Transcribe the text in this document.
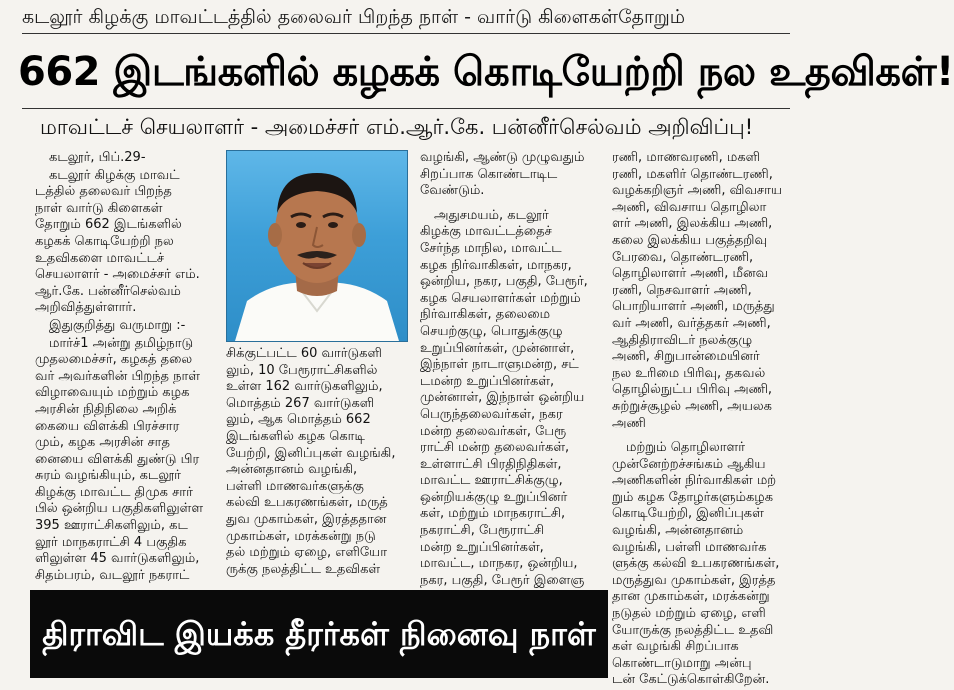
கடலூர் கிழக்கு மாவட்டத்தில் தலைவர் பிறந்த நாள் - வார்டு கிளைகள்தோறும்
662 இடங்களில் கழகக் கொடியேற்றி நல உதவிகள்!
மாவட்டச் செயலாளர் - அமைச்சர் எம்.ஆர்.கே. பன்னீர்செல்வம் அறிவிப்பு!

கடலூர், பிப்.29-

கடலூர் கிழக்கு மாவட்
டத்தில் தலைவர் பிறந்த
நாள் வார்டு கிளைகள்
தோறும் 662 இடங்களில்
கழகக் கொடியேற்றி நல
உதவிகளை மாவட்டச்
செயலாளர் - அமைச்சர் எம்.
ஆர்.கே. பன்னீர்செல்வம்
அறிவித்துள்ளார்.

இதுகுறித்து வருமாறு :-

மார்ச்1 அன்று தமிழ்நாடு
முதலமைச்சர், கழகத் தலை
வர் அவர்களின் பிறந்த நாள்
விழாவையும் மற்றும் கழக
அரசின் நிதிநிலை அறிக்
கையை விளக்கி பிரச்சார
மும், கழக அரசின் சாத
னையை விளக்கி துண்டு பிர
சுரம் வழங்கியும், கடலூர்
கிழக்கு மாவட்ட திமுக சார்
பில் ஒன்றிய பகுதிகளிலுள்ள
395 ஊராட்சிகளிலும், கட
லூர் மாநகராட்சி 4 பகுதிக
ளிலுள்ள 45 வார்டுகளிலும்,
சிதம்பரம், வடலூர் நகராட்

சிக்குட்பட்ட 60 வார்டுகளி
லும், 10 பேரூராட்சிகளில்
உள்ள 162 வார்டுகளிலும்,
மொத்தம் 267 வார்டுகளி
லும், ஆக மொத்தம் 662
இடங்களில் கழக கொடி
யேற்றி, இனிப்புகள் வழங்கி,
அன்னதானம் வழங்கி,
பள்ளி மாணவர்களுக்கு
கல்வி உபகரணங்கள், மருத்
துவ முகாம்கள், இரத்ததான
முகாம்கள், மரக்கன்று நடு
தல் மற்றும் ஏழை, எளியோ
ருக்கு நலத்திட்ட உதவிகள்

வழங்கி, ஆண்டு முழுவதும்
சிறப்பாக கொண்டாடிட
வேண்டும்.

அதுசமயம், கடலூர்
கிழக்கு மாவட்டத்தைச்
சேர்ந்த மாநில, மாவட்ட
கழக நிர்வாகிகள், மாநகர,
ஒன்றிய, நகர, பகுதி, பேரூர்,
கழக செயலாளர்கள் மற்றும்
நிர்வாகிகள், தலைமை
செயற்குழு, பொதுக்குழு
உறுப்பினர்கள், முன்னாள்,
இந்நாள் நாடாளுமன்ற, சட்
டமன்ற உறுப்பினர்கள்,
முன்னாள், இந்நாள் ஒன்றிய
பெருந்தலைவர்கள், நகர
மன்ற தலைவர்கள், பேரூ
ராட்சி மன்ற தலைவர்கள்,
உள்ளாட்சி பிரதிநிதிகள்,
மாவட்ட ஊராட்சிக்குழு,
ஒன்றியக்குழு உறுப்பினர்
கள், மற்றும் மாநகராட்சி,
நகராட்சி, பேரூராட்சி
மன்ற உறுப்பினர்கள்,
மாவட்ட, மாநகர, ஒன்றிய,
நகர, பகுதி, பேரூர் இளைஞ

ரணி, மாணவரணி, மகளி
ரணி, மகளிர் தொண்டரணி,
வழக்கறிஞர் அணி, விவசாய
அணி, விவசாய தொழிலா
ளர் அணி, இலக்கிய அணி,
கலை இலக்கிய பகுத்தறிவு
பேரவை, தொண்டரணி,
தொழிலாளர் அணி, மீனவ
ரணி, நெசவாளர் அணி,
பொறியாளர் அணி, மருத்து
வர் அணி, வர்த்தகர் அணி,
ஆதிதிராவிடர் நலக்குழு
அணி, சிறுபான்மையினர்
நல உரிமை பிரிவு, தகவல்
தொழில்நுட்ப பிரிவு அணி,
சுற்றுச்சூழல் அணி, அயலக
அணி

மற்றும் தொழிலாளர்
முன்னேற்றச்சங்கம் ஆகிய
அணிகளின் நிர்வாகிகள் மற்
றும் கழக தோழர்களும்கழக
கொடியேற்றி, இனிப்புகள்
வழங்கி, அன்னதானம்
வழங்கி, பள்ளி மாணவர்க
ளுக்கு கல்வி உபகரணங்கள்,
மருத்துவ முகாம்கள், இரத்த
தான முகாம்கள், மரக்கன்று
நடுதல் மற்றும் ஏழை, எளி
யோருக்கு நலத்திட்ட உதவி
கள் வழங்கி சிறப்பாக
கொண்டாடுமாறு அன்பு
டன் கேட்டுக்கொள்கிறேன்.

திராவிட இயக்க தீரர்கள் நினைவு நாள்
